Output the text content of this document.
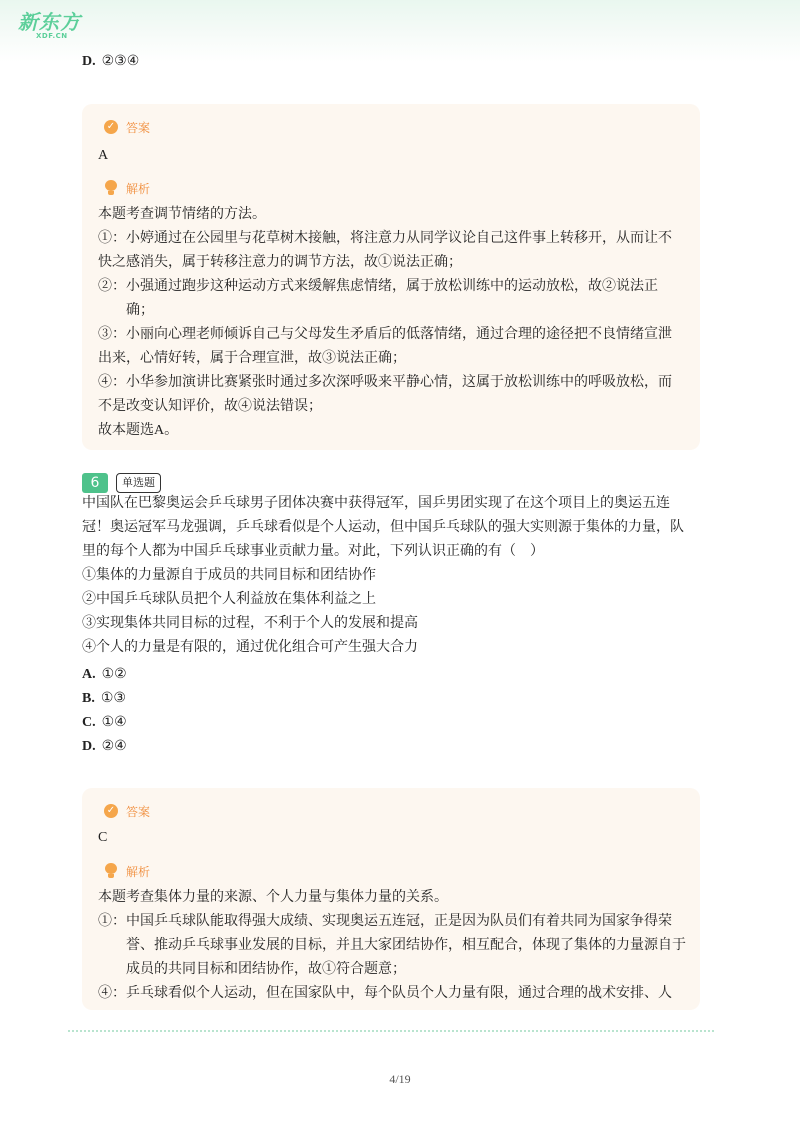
新东方
XDF.CN
D. ②③④
✓ 答案
A
解析

本题考查调节情绪的方法。

①：小婷通过在公园里与花草树木接触，将注意力从同学议论自己这件事上转移开，从而让不

快之感消失，属于转移注意力的调节方法，故①说法正确；

②：小强通过跑步这种运动方式来缓解焦虑情绪，属于放松训练中的运动放松，故②说法正

确；

③：小丽向心理老师倾诉自己与父母发生矛盾后的低落情绪，通过合理的途径把不良情绪宣泄

出来，心情好转，属于合理宣泄，故③说法正确；

④：小华参加演讲比赛紧张时通过多次深呼吸来平静心情，这属于放松训练中的呼吸放松，而

不是改变认知评价，故④说法错误；

故本题选A。

6	单选题

中国队在巴黎奥运会乒乓球男子团体决赛中获得冠军，国乒男团实现了在这个项目上的奥运五连

冠！奥运冠军马龙强调，乒乓球看似是个人运动，但中国乒乓球队的强大实则源于集体的力量，队

里的每个人都为中国乒乓球事业贡献力量。对此，下列认识正确的有（　）

①集体的力量源自于成员的共同目标和团结协作

②中国乒乓球队员把个人利益放在集体利益之上

③实现集体共同目标的过程，不利于个人的发展和提高

④个人的力量是有限的，通过优化组合可产生强大合力

A. ①②
B. ①③
C. ①④
D. ②④
✓ 答案
C
解析

本题考查集体力量的来源、个人力量与集体力量的关系。

①：中国乒乓球队能取得强大成绩、实现奥运五连冠，正是因为队员们有着共同为国家争得荣

誉、推动乒乓球事业发展的目标，并且大家团结协作，相互配合，体现了集体的力量源自于

成员的共同目标和团结协作，故①符合题意；

④：乒乓球看似个人运动，但在国家队中，每个队员个人力量有限，通过合理的战术安排、人

4/19
